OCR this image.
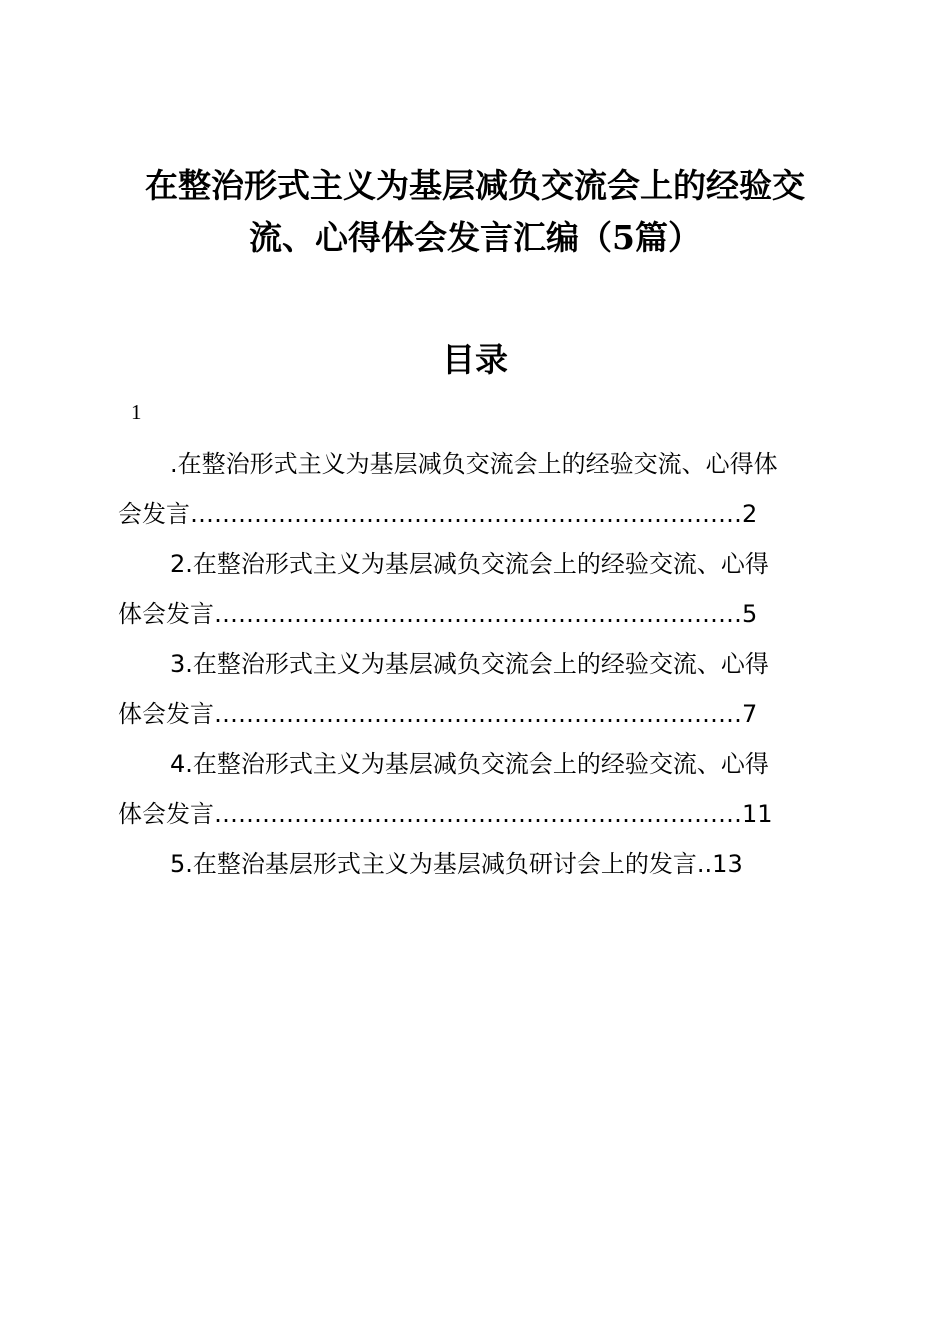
在整治形式主义为基层减负交流会上的经验交
流、心得体会发言汇编（5篇）
目录
1
.在整治形式主义为基层减负交流会上的经验交流、心得体
会发言……………………………………………………………2
2.在整治形式主义为基层减负交流会上的经验交流、心得
体会发言…………………………………………………………5
3.在整治形式主义为基层减负交流会上的经验交流、心得
体会发言…………………………………………………………7
4.在整治形式主义为基层减负交流会上的经验交流、心得
体会发言…………………………………………………………11
5.在整治基层形式主义为基层减负研讨会上的发言..13
